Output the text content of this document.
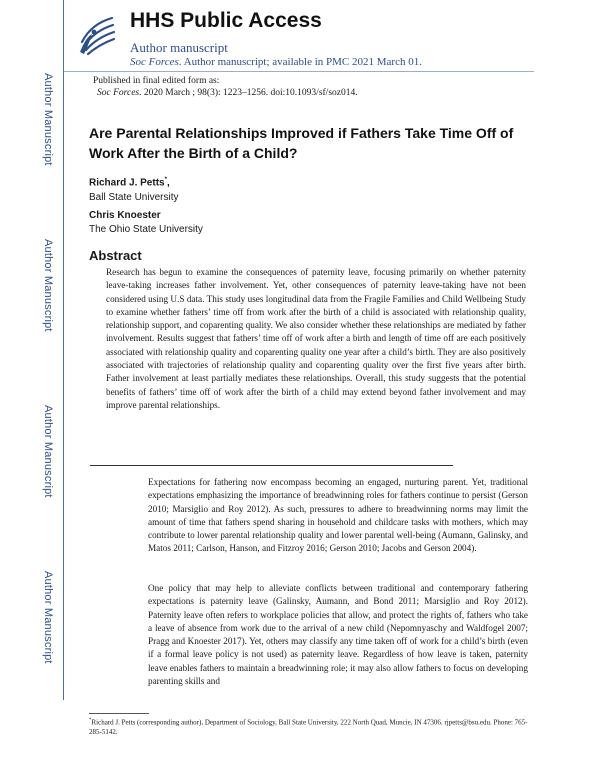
Author Manuscript
Author Manuscript
Author Manuscript
Author Manuscript
HHS Public Access
Author manuscript
Soc Forces. Author manuscript; available in PMC 2021 March 01.
Published in final edited form as:
Soc Forces. 2020 March ; 98(3): 1223–1256. doi:10.1093/sf/soz014.
Are Parental Relationships Improved if Fathers Take Time Off of Work After the Birth of a Child?
Richard J. Petts*,
Ball State University
Chris Knoester
The Ohio State University
Abstract
Research has begun to examine the consequences of paternity leave, focusing primarily on whether paternity leave-taking increases father involvement. Yet, other consequences of paternity leave-taking have not been considered using U.S data. This study uses longitudinal data from the Fragile Families and Child Wellbeing Study to examine whether fathers’ time off from work after the birth of a child is associated with relationship quality, relationship support, and coparenting quality. We also consider whether these relationships are mediated by father involvement. Results suggest that fathers’ time off of work after a birth and length of time off are each positively associated with relationship quality and coparenting quality one year after a child’s birth. They are also positively associated with trajectories of relationship quality and coparenting quality over the first five years after birth. Father involvement at least partially mediates these relationships. Overall, this study suggests that the potential benefits of fathers’ time off of work after the birth of a child may extend beyond father involvement and may improve parental relationships.
Expectations for fathering now encompass becoming an engaged, nurturing parent. Yet, traditional expectations emphasizing the importance of breadwinning roles for fathers continue to persist (Gerson 2010; Marsiglio and Roy 2012). As such, pressures to adhere to breadwinning norms may limit the amount of time that fathers spend sharing in household and childcare tasks with mothers, which may contribute to lower parental relationship quality and lower parental well-being (Aumann, Galinsky, and Matos 2011; Carlson, Hanson, and Fitzroy 2016; Gerson 2010; Jacobs and Gerson 2004).
One policy that may help to alleviate conflicts between traditional and contemporary fathering expectations is paternity leave (Galinsky, Aumann, and Bond 2011; Marsiglio and Roy 2012). Paternity leave often refers to workplace policies that allow, and protect the rights of, fathers who take a leave of absence from work due to the arrival of a new child (Nepomnyaschy and Waldfogel 2007; Pragg and Knoester 2017). Yet, others may classify any time taken off of work for a child’s birth (even if a formal leave policy is not used) as paternity leave. Regardless of how leave is taken, paternity leave enables fathers to maintain a breadwinning role; it may also allow fathers to focus on developing parenting skills and
*Richard J. Petts (corresponding author), Department of Sociology, Ball State University, 222 North Quad, Muncie, IN 47306. rjpetts@bsu.edu. Phone: 765-285-5142.
